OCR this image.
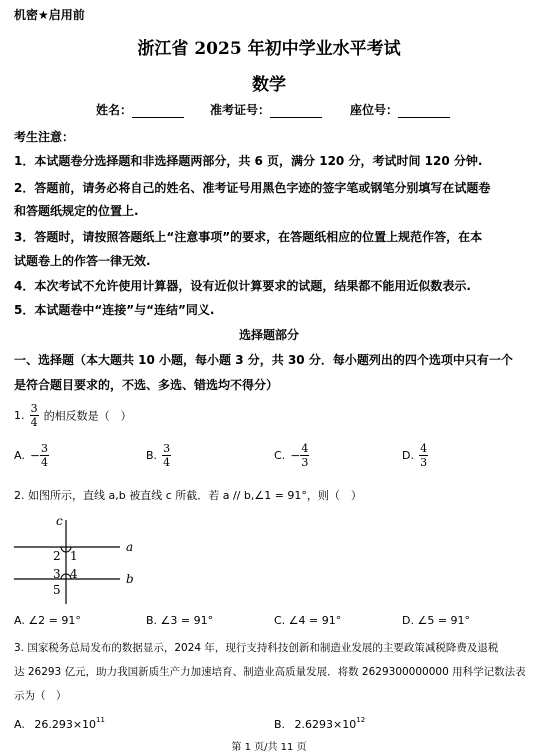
机密★启用前
浙江省 2025 年初中学业水平考试
数学
姓名：	准考证号：	座位号：
考生注意：
1．本试题卷分选择题和非选择题两部分，共 6 页，满分 120 分，考试时间 120 分钟.
2．答题前，请务必将自己的姓名、准考证号用黑色字迹的签字笔或钢笔分别填写在试题卷
和答题纸规定的位置上.
3．答题时，请按照答题纸上“注意事项”的要求，在答题纸相应的位置上规范作答，在本
试题卷上的作答一律无效.
4．本次考试不允许使用计算器，设有近似计算要求的试题，结果都不能用近似数表示.
5．本试题卷中“连接”与“连结”同义.
选择题部分
一、选择题（本大题共 10 小题，每小题 3 分，共 30 分．每小题列出的四个选项中只有一个
是符合题目要求的，不选、多选、错选均不得分）
1. $\frac{3}{4}$ 的相反数是（　）
A. − $\frac{3}{4}$	B. $\frac{3}{4}$	C. − $\frac{4}{3}$	D. $\frac{4}{3}$
2. 如图所示，直线 a,b 被直线 c 所截．若 a // b,∠1 = 91°，则（　）
c
a
b
2 1
3 4
5
A. ∠2 = 91°	B. ∠3 = 91°	C. ∠4 = 91°	D. ∠5 = 91°
3. 国家税务总局发布的数据显示，2024 年，现行支持科技创新和制造业发展的主要政策减税降费及退税
达 26293 亿元，助力我国新质生产力加速培育、制造业高质量发展．将数 2629300000000 用科学记数法表
示为（　）
A. $26.293\times 10^{11}$	B. $2.6293\times 10^{12}$
第 1 页/共 11 页
